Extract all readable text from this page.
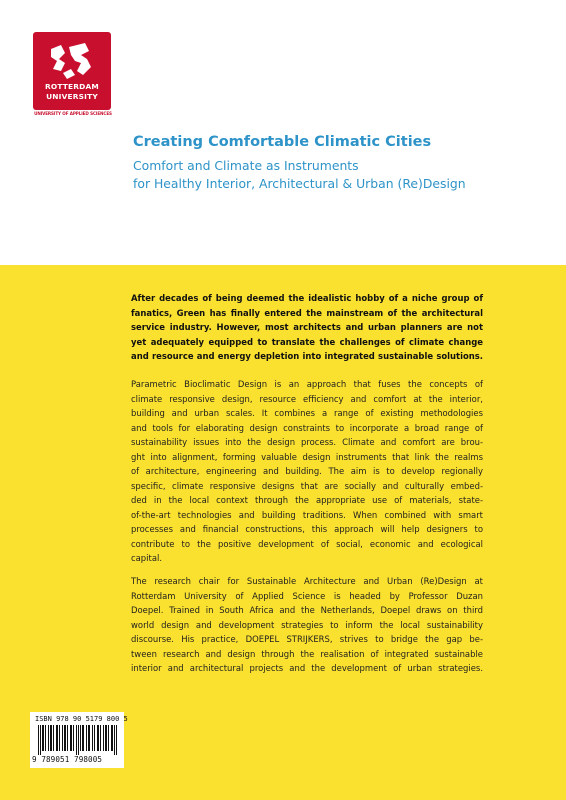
ROTTERDAM
UNIVERSITY
UNIVERSITY OF APPLIED SCIENCES
Creating Comfortable Climatic Cities
Comfort and Climate as Instruments
for Healthy Interior, Architectural & Urban (Re)Design
After decades of being deemed the idealistic hobby of a niche group of
fanatics, Green has finally entered the mainstream of the architectural
service industry. However, most architects and urban planners are not
yet adequately equipped to translate the challenges of climate change
and resource and energy depletion into integrated sustainable solutions.
Parametric Bioclimatic Design is an approach that fuses the concepts of
climate responsive design, resource efficiency and comfort at the interior,
building and urban scales. It combines a range of existing methodologies
and tools for elaborating design constraints to incorporate a broad range of
sustainability issues into the design process. Climate and comfort are brou-
ght into alignment, forming valuable design instruments that link the realms
of architecture, engineering and building. The aim is to develop regionally
specific, climate responsive designs that are socially and culturally embed-
ded in the local context through the appropriate use of materials, state-
of-the-art technologies and building traditions. When combined with smart
processes and financial constructions, this approach will help designers to
contribute to the positive development of social, economic and ecological
capital.
The research chair for Sustainable Architecture and Urban (Re)Design at
Rotterdam University of Applied Science is headed by Professor Duzan
Doepel. Trained in South Africa and the Netherlands, Doepel draws on third
world design and development strategies to inform the local sustainability
discourse. His practice, DOEPEL STRIJKERS, strives to bridge the gap be-
tween research and design through the realisation of integrated sustainable
interior and architectural projects and the development of urban strategies.
ISBN 978 90 5179 800 5
9 789051 798005
